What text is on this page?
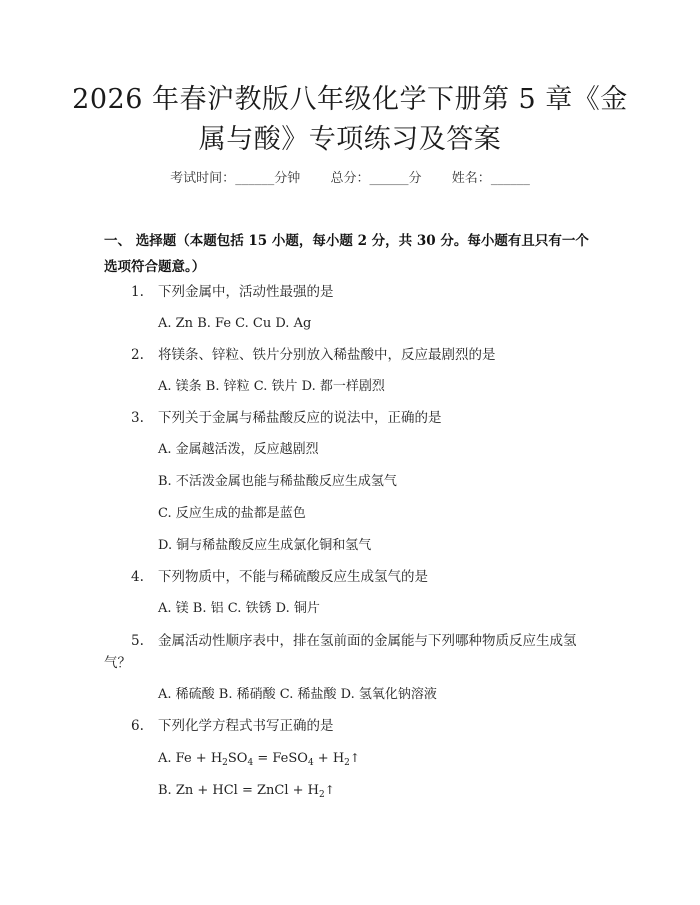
2026 年春沪教版八年级化学下册第 5 章《金
属与酸》专项练习及答案
考试时间：______分钟 总分：______分 姓名：______
一、 选择题（本题包括 15 小题，每小题 2 分，共 30 分。每小题有且只有一个选项符合题意。）
1. 下列金属中，活动性最强的是
A. Zn B. Fe C. Cu D. Ag
2. 将镁条、锌粒、铁片分别放入稀盐酸中，反应最剧烈的是
A. 镁条 B. 锌粒 C. 铁片 D. 都一样剧烈
3. 下列关于金属与稀盐酸反应的说法中，正确的是
A. 金属越活泼，反应越剧烈
B. 不活泼金属也能与稀盐酸反应生成氢气
C. 反应生成的盐都是蓝色
D. 铜与稀盐酸反应生成氯化铜和氢气
4. 下列物质中，不能与稀硫酸反应生成氢气的是
A. 镁 B. 铝 C. 铁锈 D. 铜片
5. 金属活动性顺序表中，排在氢前面的金属能与下列哪种物质反应生成氢气？
A. 稀硫酸 B. 稀硝酸 C. 稀盐酸 D. 氢氧化钠溶液
6. 下列化学方程式书写正确的是
A. $Fe + H_2SO_4$ = FeSO$_4$ + $H_2↑$
B. Zn + HCl = ZnCl + $H_2↑$
